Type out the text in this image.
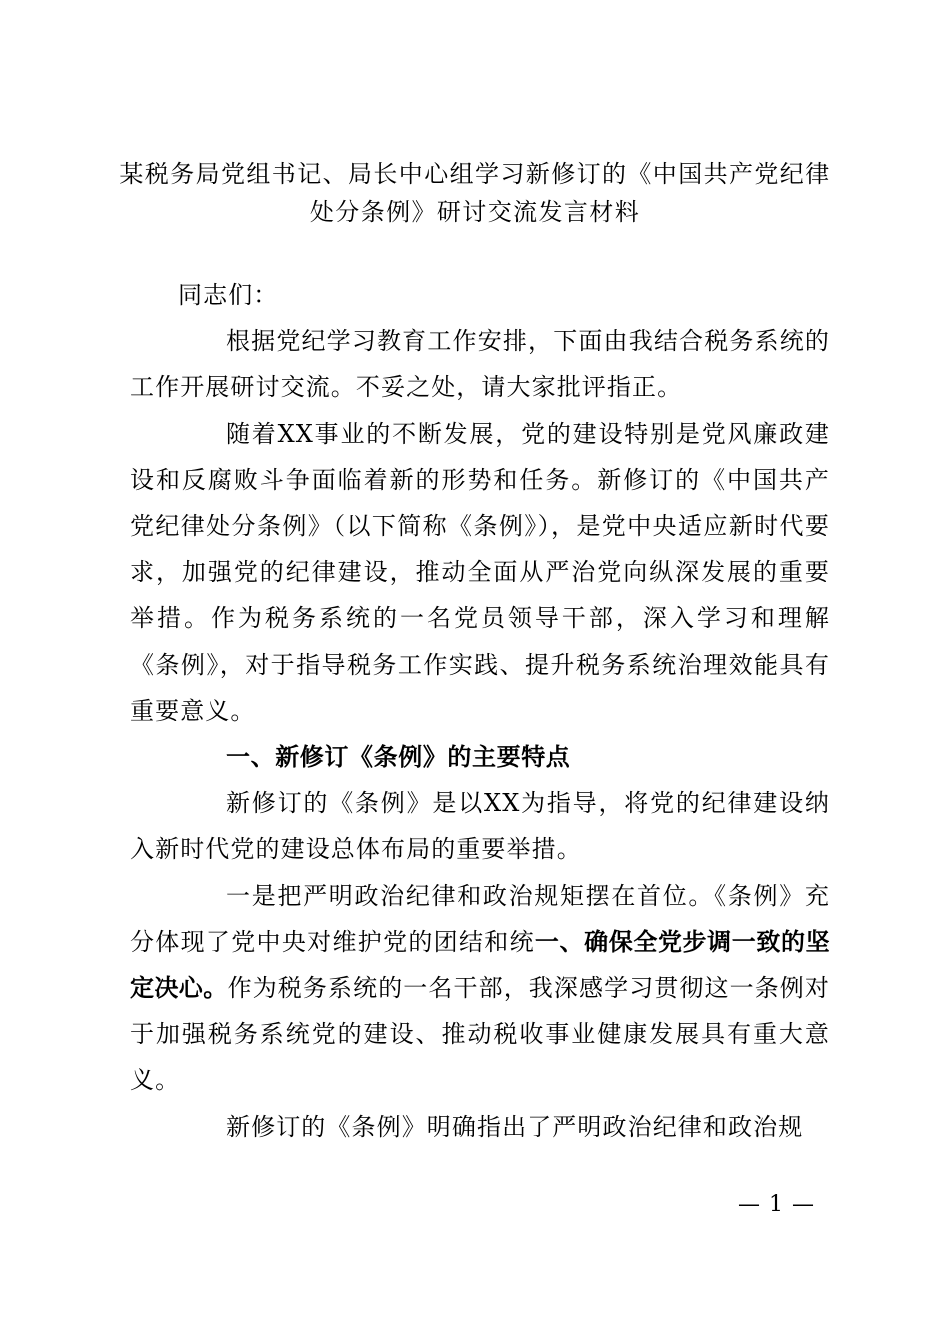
某税务局党组书记、局长中心组学习新修订的《中国共产党纪律处分条例》研讨交流发言材料

同志们：

根据党纪学习教育工作安排，下面由我结合税务系统的工作开展研讨交流。不妥之处，请大家批评指正。

随着XX事业的不断发展，党的建设特别是党风廉政建设和反腐败斗争面临着新的形势和任务。新修订的《中国共产党纪律处分条例》（以下简称《条例》），是党中央适应新时代要求，加强党的纪律建设，推动全面从严治党向纵深发展的重要举措。作为税务系统的一名党员领导干部，深入学习和理解《条例》，对于指导税务工作实践、提升税务系统治理效能具有重要意义。

一、新修订《条例》的主要特点

新修订的《条例》是以XX为指导，将党的纪律建设纳入新时代党的建设总体布局的重要举措。

一是把严明政治纪律和政治规矩摆在首位。《条例》充分体现了党中央对维护党的团结和统一、确保全党步调一致的坚定决心。作为税务系统的一名干部，我深感学习贯彻这一条例对于加强税务系统党的建设、推动税收事业健康发展具有重大意义。

新修订的《条例》明确指出了严明政治纪律和政治规

— 1 —
